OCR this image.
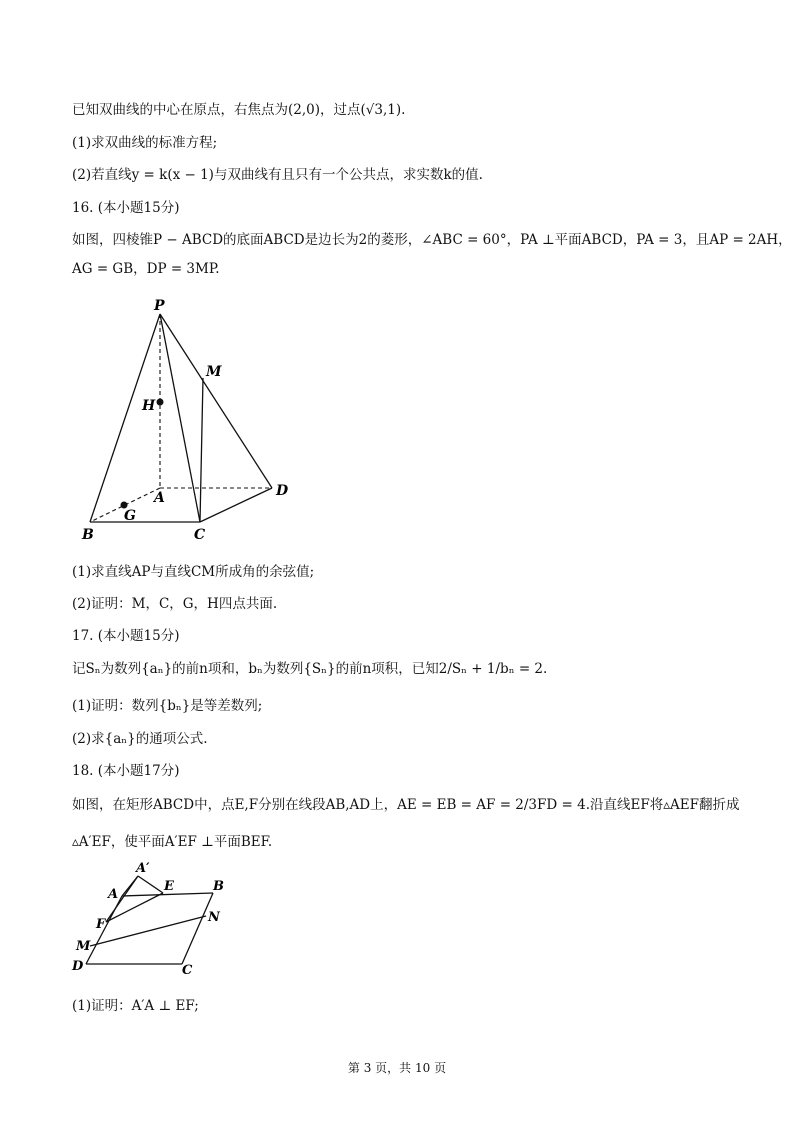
已知双曲线的中心在原点，右焦点为(2,0)，过点(√3,1).
(1)求双曲线的标准方程;
(2)若直线y = k(x − 1)与双曲线有且只有一个公共点，求实数k的值.
16. (本小题15分)
如图，四棱锥P − ABCD的底面ABCD是边长为2的菱形，∠ABC = 60°，PA ⊥平面ABCD，PA = 3，且AP = 2AH，
AG = GB，DP = 3MP.
P
M
H
A	D
G
B	C
(1)求直线AP与直线CM所成角的余弦值;
(2)证明：M，C，G，H四点共面.
17. (本小题15分)
记Sₙ为数列{aₙ}的前n项和，bₙ为数列{Sₙ}的前n项积，已知2/Sₙ + 1/bₙ = 2.
(1)证明：数列{bₙ}是等差数列;
(2)求{aₙ}的通项公式.
18. (本小题17分)
如图，在矩形ABCD中，点E,F分别在线段AB,AD上，AE = EB = AF = 2/3FD = 4.沿直线EF将▵AEF翻折成
▵A′EF，使平面A′EF ⊥平面BEF.
A′
A
E	B
F	N
M
D	C
(1)证明：A′A ⊥ EF;
第 3 页，共 10 页
